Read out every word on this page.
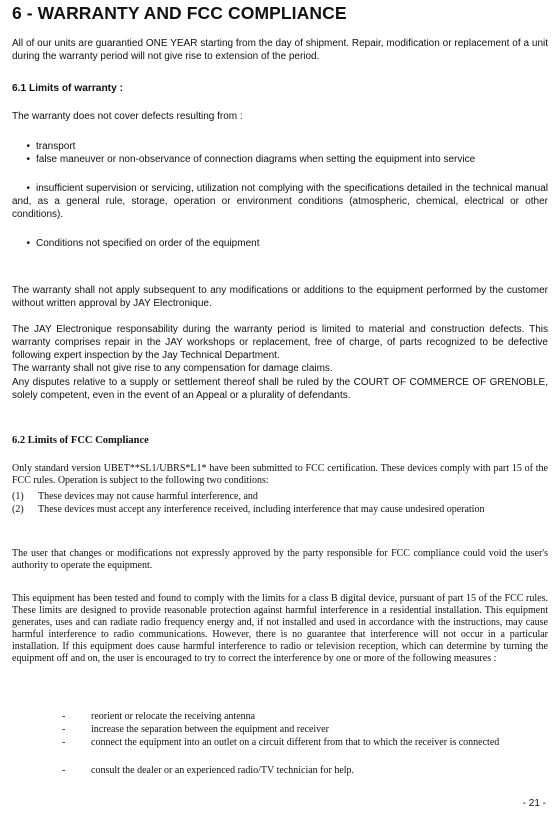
6 - WARRANTY AND FCC COMPLIANCE

All of our units are guarantied ONE YEAR starting from the day of shipment. Repair, modification or replacement of a unit during the warranty period will not give rise to extension of the period.

6.1 Limits of warranty :

The warranty does not cover defects resulting from :

• transport

• false maneuver or non-observance of connection diagrams when setting the equipment into service

• insufficient supervision or servicing, utilization not complying with the specifications detailed in the technical manual and, as a general rule, storage, operation or environment conditions (atmospheric, chemical, electrical or other conditions).

• Conditions not specified on order of the equipment

The warranty shall not apply subsequent to any modifications or additions to the equipment performed by the customer without written approval by JAY Electronique.

The JAY Electronique responsability during the warranty period is limited to material and construction defects. This warranty comprises repair in the JAY workshops or replacement, free of charge, of parts recognized to be defective following expert inspection by the Jay Technical Department.

The warranty shall not give rise to any compensation for damage claims.

Any disputes relative to a supply or settlement thereof shall be ruled by the COURT OF COMMERCE OF GRENOBLE, solely competent, even in the event of an Appeal or a plurality of defendants.

6.2 Limits of FCC Compliance

Only standard version UBET**SL1/UBRS*L1* have been submitted to FCC certification. These devices comply with part 15 of the FCC rules. Operation is subject to the following two conditions:

(1) These devices may not cause harmful interference, and

(2) These devices must accept any interference received, including interference that may cause undesired operation

The user that changes or modifications not expressly approved by the party responsible for FCC compliance could void the user's authority to operate the equipment.

This equipment has been tested and found to comply with the limits for a class B digital device, pursuant of part 15 of the FCC rules. These limits are designed to provide reasonable protection against harmful interference in a residential installation. This equipment generates, uses and can radiate radio frequency energy and, if not installed and used in accordance with the instructions, may cause harmful interference to radio communications. However, there is no guarantee that interference will not occur in a particular installation. If this equipment does cause harmful interference to radio or television reception, which can determine by turning the equipment off and on, the user is encouraged to try to correct the interference by one or more of the following measures :

-	reorient or relocate the receiving antenna

-	increase the separation between the equipment and receiver

-	connect the equipment into an outlet on a circuit different from that to which the receiver is connected

-	consult the dealer or an experienced radio/TV technician for help.

- 21 -
